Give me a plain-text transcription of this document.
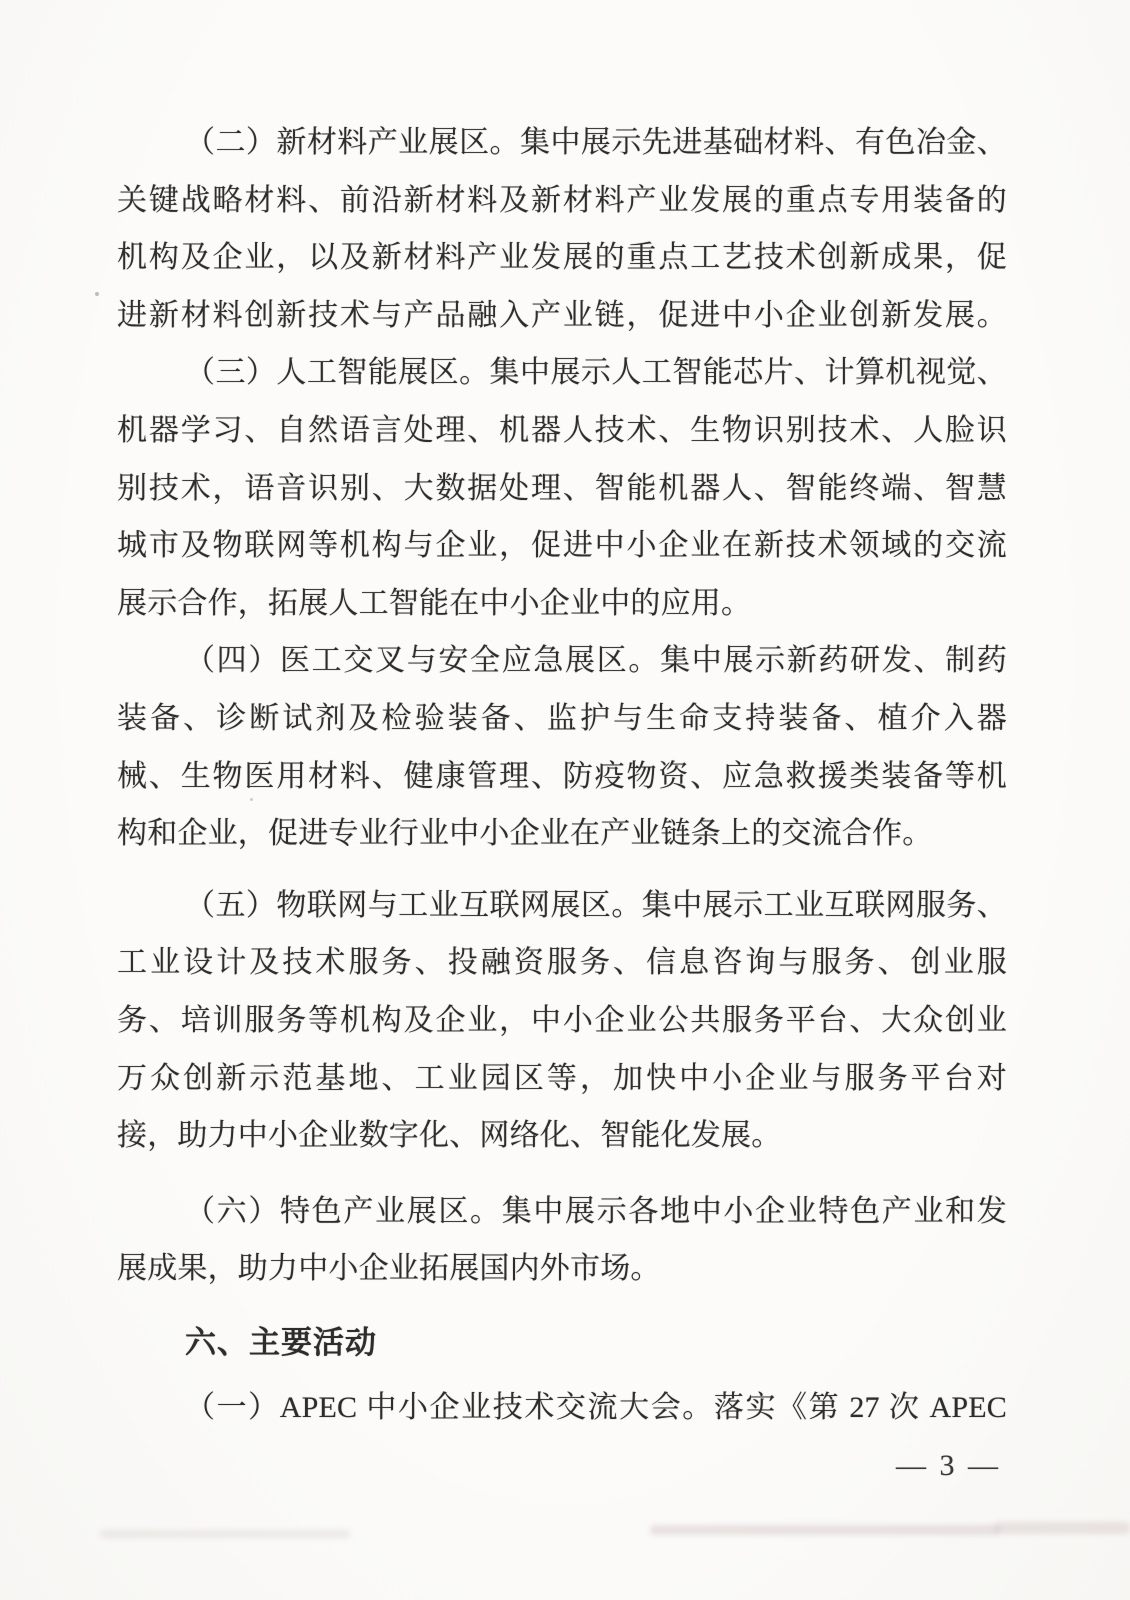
（二）新材料产业展区。集中展示先进基础材料、有色冶金、
关键战略材料、前沿新材料及新材料产业发展的重点专用装备的
机构及企业，以及新材料产业发展的重点工艺技术创新成果，促
进新材料创新技术与产品融入产业链，促进中小企业创新发展。
（三）人工智能展区。集中展示人工智能芯片、计算机视觉、
机器学习、自然语言处理、机器人技术、生物识别技术、人脸识
别技术，语音识别、大数据处理、智能机器人、智能终端、智慧
城市及物联网等机构与企业，促进中小企业在新技术领域的交流
展示合作，拓展人工智能在中小企业中的应用。
（四）医工交叉与安全应急展区。集中展示新药研发、制药
装备、诊断试剂及检验装备、监护与生命支持装备、植介入器
械、生物医用材料、健康管理、防疫物资、应急救援类装备等机
构和企业，促进专业行业中小企业在产业链条上的交流合作。
（五）物联网与工业互联网展区。集中展示工业互联网服务、
工业设计及技术服务、投融资服务、信息咨询与服务、创业服
务、培训服务等机构及企业，中小企业公共服务平台、大众创业
万众创新示范基地、工业园区等，加快中小企业与服务平台对
接，助力中小企业数字化、网络化、智能化发展。
（六）特色产业展区。集中展示各地中小企业特色产业和发
展成果，助力中小企业拓展国内外市场。
六、主要活动
（一）APEC 中小企业技术交流大会。落实《第 27 次 APEC
— 3 —
